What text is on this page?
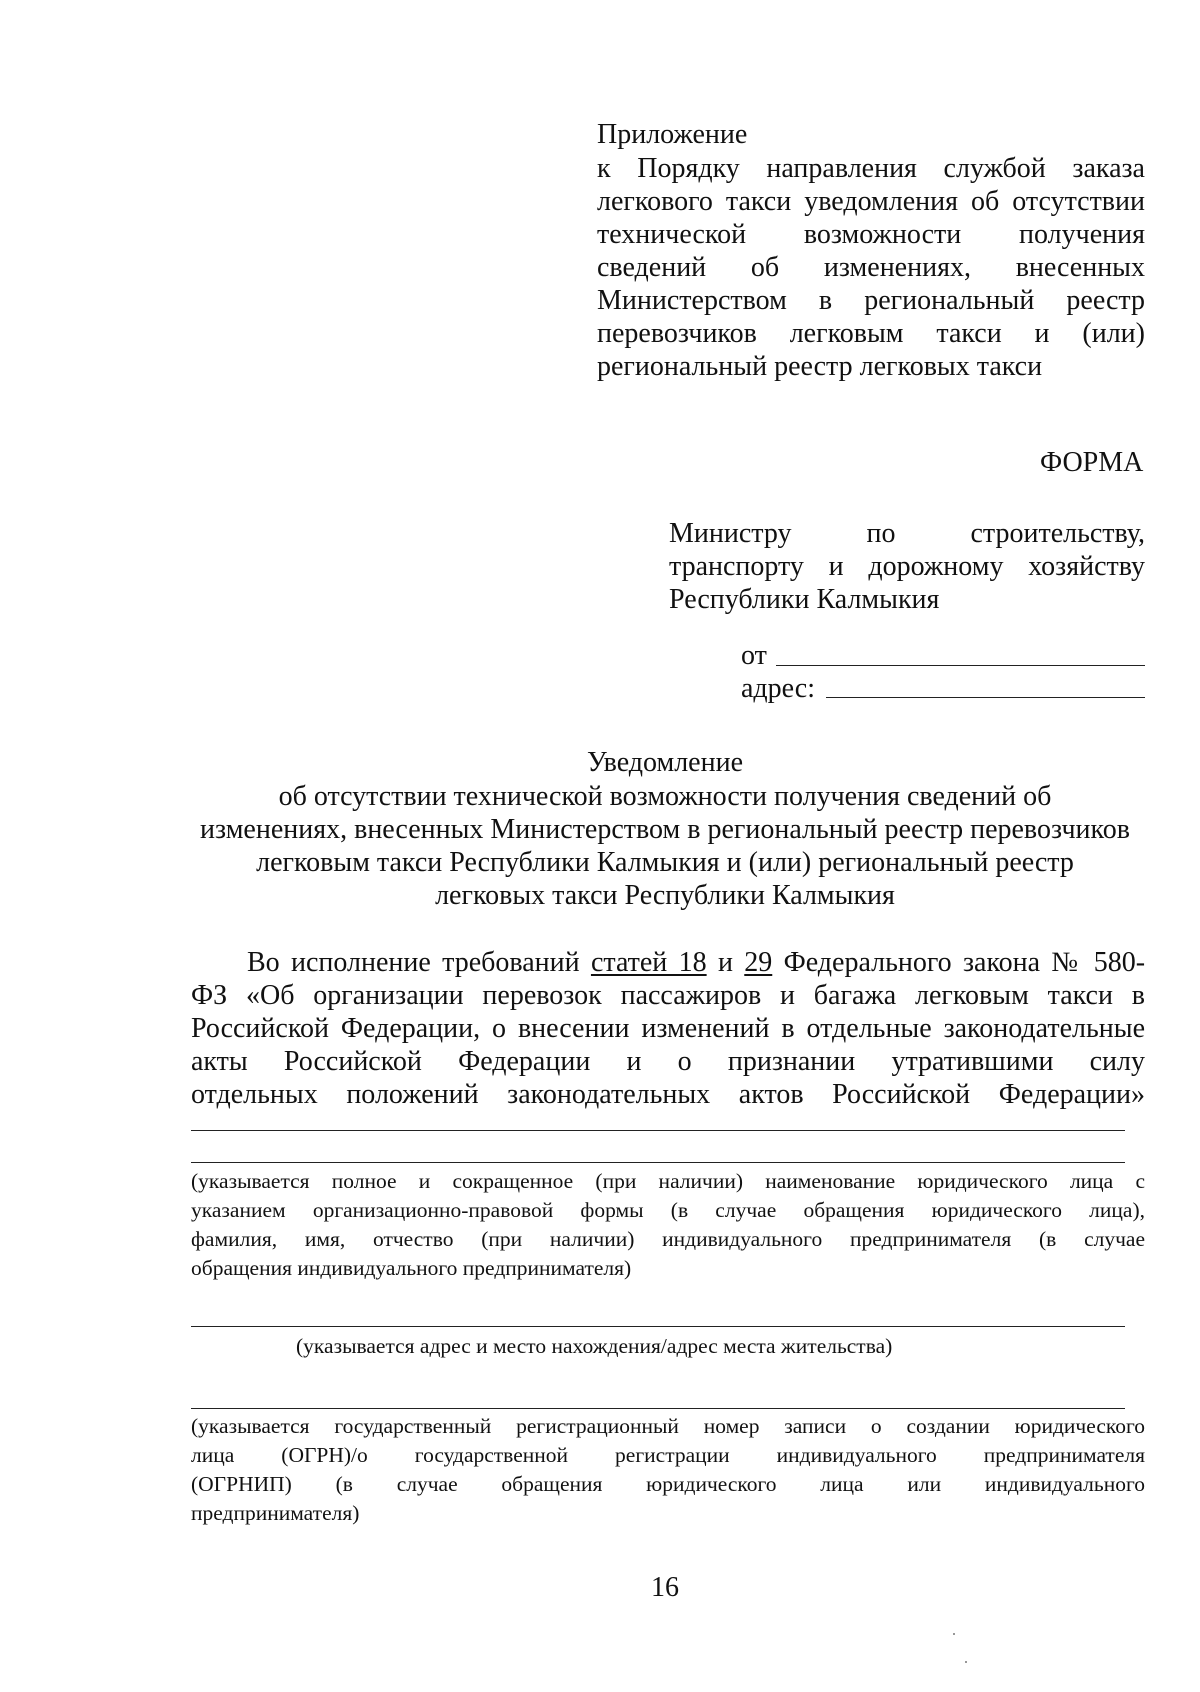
Приложение
к Порядку направления службой заказа
легкового такси уведомления об отсутствии
технической возможности получения
сведений об изменениях, внесенных
Министерством в региональный реестр
перевозчиков легковым такси и (или)
региональный реестр легковых такси
ФОРМА
Министру по строительству,
транспорту и дорожному хозяйству
Республики Калмыкия
от
адрес:
Уведомление
об отсутствии технической возможности получения сведений об
изменениях, внесенных Министерством в региональный реестр перевозчиков
легковым такси Республики Калмыкия и (или) региональный реестр
легковых такси Республики Калмыкия
Во исполнение требований статей 18 и 29 Федерального закона № 580-
ФЗ «Об организации перевозок пассажиров и багажа легковым такси в
Российской Федерации, о внесении изменений в отдельные законодательные
акты Российской Федерации и о признании утратившими силу
отдельных положений законодательных актов Российской Федерации»
(указывается полное и сокращенное (при наличии) наименование юридического лица с
указанием организационно-правовой формы (в случае обращения юридического лица),
фамилия, имя, отчество (при наличии) индивидуального предпринимателя (в случае
обращения индивидуального предпринимателя)
(указывается адрес и место нахождения/адрес места жительства)
(указывается государственный регистрационный номер записи о создании юридического
лица (ОГРН)/о государственной регистрации индивидуального предпринимателя
(ОГРНИП) (в случае обращения юридического лица или индивидуального
предпринимателя)
16
